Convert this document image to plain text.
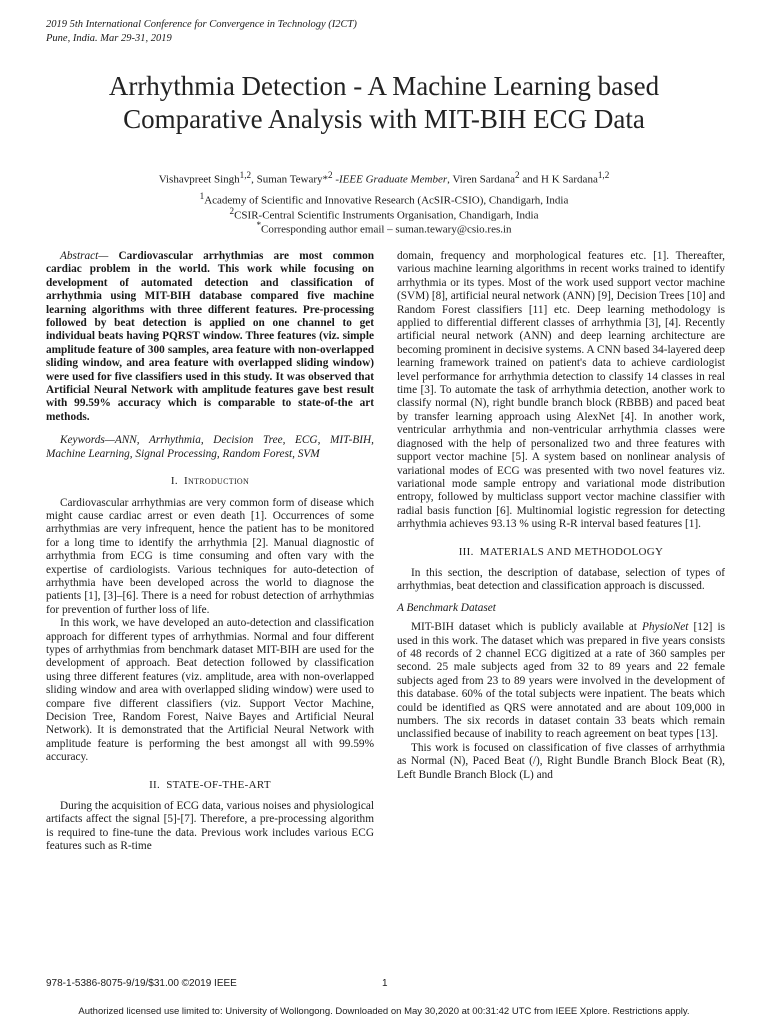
2019 5th International Conference for Convergence in Technology (I2CT)
Pune, India. Mar 29-31, 2019
Arrhythmia Detection - A Machine Learning based
Comparative Analysis with MIT-BIH ECG Data
Vishavpreet Singh$^{1,2}$, Suman Tewary*$^2$ -IEEE Graduate Member, Viren Sardana$^2$ and H K Sardana$^{1,2}$
$^1$Academy of Scientific and Innovative Research (AcSIR-CSIO), Chandigarh, India
$^2$CSIR-Central Scientific Instruments Organisation, Chandigarh, India
*Corresponding author email – suman.tewary@csio.res.in

Abstract— Cardiovascular arrhythmias are most common cardiac problem in the world. This work while focusing on development of automated detection and classification of arrhythmia using MIT-BIH database compared five machine learning algorithms with three different features. Pre-processing followed by beat detection is applied on one channel to get individual beats having PQRST window. Three features (viz. simple amplitude feature of 300 samples, area feature with non-overlapped sliding window, and area feature with overlapped sliding window) were used for five classifiers used in this study. It was observed that Artificial Neural Network with amplitude features gave best result with 99.59% accuracy which is comparable to state-of-the art methods.

Keywords—ANN, Arrhythmia, Decision Tree, ECG, MIT-BIH, Machine Learning, Signal Processing, Random Forest, SVM

I. Introduction

Cardiovascular arrhythmias are very common form of disease which might cause cardiac arrest or even death [1]. Occurrences of some arrhythmias are very infrequent, hence the patient has to be monitored for a long time to identify the arrhythmia [2]. Manual diagnostic of arrhythmia from ECG is time consuming and often vary with the expertise of cardiologists. Various techniques for auto-detection of arrhythmia have been developed across the world to diagnose the patients [1], [3]–[6]. There is a need for robust detection of arrhythmias for prevention of further loss of life.

In this work, we have developed an auto-detection and classification approach for different types of arrhythmias. Normal and four different types of arrhythmias from benchmark dataset MIT-BIH are used for the development of approach. Beat detection followed by classification using three different features (viz. amplitude, area with non-overlapped sliding window and area with overlapped sliding window) were used to compare five different classifiers (viz. Support Vector Machine, Decision Tree, Random Forest, Naive Bayes and Artificial Neural Network). It is demonstrated that the Artificial Neural Network with amplitude feature is performing the best amongst all with 99.59% accuracy.

II. STATE-OF-THE-ART

During the acquisition of ECG data, various noises and physiological artifacts affect the signal [5]-[7]. Therefore, a pre-processing algorithm is required to fine-tune the data. Previous work includes various ECG features such as R-time

domain, frequency and morphological features etc. [1]. Thereafter, various machine learning algorithms in recent works trained to identify arrhythmia or its types. Most of the work used support vector machine (SVM) [8], artificial neural network (ANN) [9], Decision Trees [10] and Random Forest classifiers [11] etc. Deep learning methodology is applied to differential different classes of arrhythmia [3], [4]. Recently artificial neural network (ANN) and deep learning architecture are becoming prominent in decisive systems. A CNN based 34-layered deep learning framework trained on patient's data to achieve cardiologist level performance for arrhythmia detection to classify 14 classes in real time [3]. To automate the task of arrhythmia detection, another work to classify normal (N), right bundle branch block (RBBB) and paced beat by transfer learning approach using AlexNet [4]. In another work, ventricular arrhythmia and non-ventricular arrhythmia classes were diagnosed with the help of personalized two and three features with support vector machine [5]. A system based on nonlinear analysis of variational modes of ECG was presented with two novel features viz. variational mode sample entropy and variational mode distribution entropy, followed by multiclass support vector machine classifier with radial basis function [6]. Multinomial logistic regression for detecting arrhythmia achieves 93.13 % using R-R interval based features [1].

III. MATERIALS AND METHODOLOGY

In this section, the description of database, selection of types of arrhythmias, beat detection and classification approach is discussed.

A Benchmark Dataset

MIT-BIH dataset which is publicly available at PhysioNet [12] is used in this work. The dataset which was prepared in five years consists of 48 records of 2 channel ECG digitized at a rate of 360 samples per second. 25 male subjects aged from 32 to 89 years and 22 female subjects aged from 23 to 89 years were involved in the development of this database. 60% of the total subjects were inpatient. The beats which could be identified as QRS were annotated and are about 109,000 in numbers. The six records in dataset contain 33 beats which remain unclassified because of inability to reach agreement on beat types [13].

This work is focused on classification of five classes of arrhythmia as Normal (N), Paced Beat (/), Right Bundle Branch Block Beat (R), Left Bundle Branch Block (L) and

978-1-5386-8075-9/19/$31.00 ©2019 IEEE	1
Authorized licensed use limited to: University of Wollongong. Downloaded on May 30,2020 at 00:31:42 UTC from IEEE Xplore. Restrictions apply.
